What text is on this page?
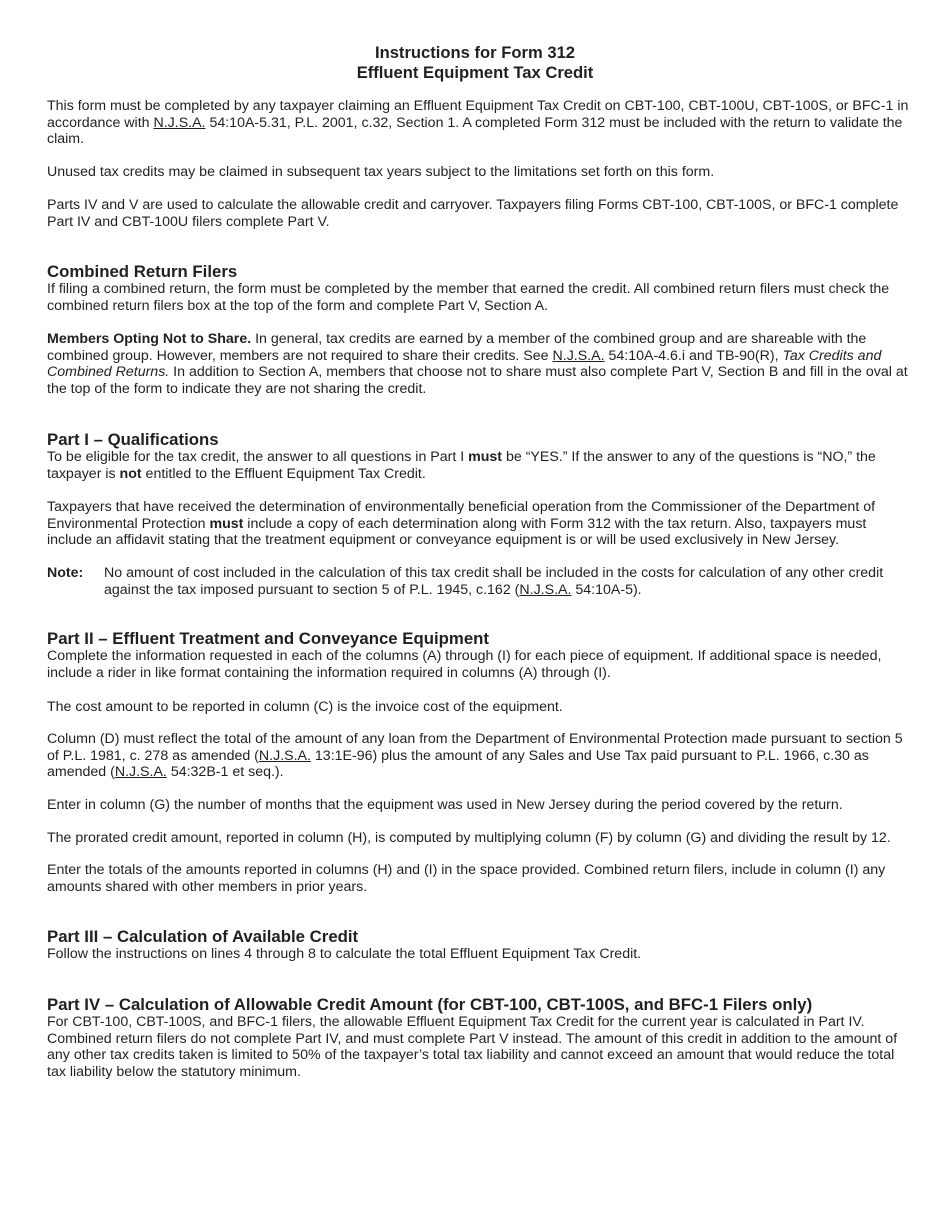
Instructions for Form 312
Effluent Equipment Tax Credit

This form must be completed by any taxpayer claiming an Effluent Equipment Tax Credit on CBT-100, CBT-100U, CBT-100S, or BFC-1 in accordance with N.J.S.A. 54:10A-5.31, P.L. 2001, c.32, Section 1. A completed Form 312 must be included with the return to validate the claim.

Unused tax credits may be claimed in subsequent tax years subject to the limitations set forth on this form.

Parts IV and V are used to calculate the allowable credit and carryover. Taxpayers filing Forms CBT-100, CBT-100S, or BFC-1 complete Part IV and CBT-100U filers complete Part V.

Combined Return Filers

If filing a combined return, the form must be completed by the member that earned the credit. All combined return filers must check the combined return filers box at the top of the form and complete Part V, Section A.

Members Opting Not to Share. In general, tax credits are earned by a member of the combined group and are shareable with the combined group. However, members are not required to share their credits. See N.J.S.A. 54:10A-4.6.i and TB-90(R), Tax Credits and Combined Returns. In addition to Section A, members that choose not to share must also complete Part V, Section B and fill in the oval at the top of the form to indicate they are not sharing the credit.

Part I – Qualifications

To be eligible for the tax credit, the answer to all questions in Part I must be “YES.” If the answer to any of the questions is “NO,” the taxpayer is not entitled to the Effluent Equipment Tax Credit.

Taxpayers that have received the determination of environmentally beneficial operation from the Commissioner of the Department of Environmental Protection must include a copy of each determination along with Form 312 with the tax return. Also, taxpayers must include an affidavit stating that the treatment equipment or conveyance equipment is or will be used exclusively in New Jersey.

Note:	No amount of cost included in the calculation of this tax credit shall be included in the costs for calculation of any other credit against the tax imposed pursuant to section 5 of P.L. 1945, c.162 (N.J.S.A. 54:10A-5).
Part II – Effluent Treatment and Conveyance Equipment

Complete the information requested in each of the columns (A) through (I) for each piece of equipment. If additional space is needed, include a rider in like format containing the information required in columns (A) through (I).

The cost amount to be reported in column (C) is the invoice cost of the equipment.

Column (D) must reflect the total of the amount of any loan from the Department of Environmental Protection made pursuant to section 5 of P.L. 1981, c. 278 as amended (N.J.S.A. 13:1E-96) plus the amount of any Sales and Use Tax paid pursuant to P.L. 1966, c.30 as amended (N.J.S.A. 54:32B-1 et seq.).

Enter in column (G) the number of months that the equipment was used in New Jersey during the period covered by the return.

The prorated credit amount, reported in column (H), is computed by multiplying column (F) by column (G) and dividing the result by 12.

Enter the totals of the amounts reported in columns (H) and (I) in the space provided. Combined return filers, include in column (I) any amounts shared with other members in prior years.

Part III – Calculation of Available Credit

Follow the instructions on lines 4 through 8 to calculate the total Effluent Equipment Tax Credit.

Part IV – Calculation of Allowable Credit Amount (for CBT-100, CBT-100S, and BFC-1 Filers only)

For CBT-100, CBT-100S, and BFC-1 filers, the allowable Effluent Equipment Tax Credit for the current year is calculated in Part IV. Combined return filers do not complete Part IV, and must complete Part V instead. The amount of this credit in addition to the amount of any other tax credits taken is limited to 50% of the taxpayer’s total tax liability and cannot exceed an amount that would reduce the total tax liability below the statutory minimum.
